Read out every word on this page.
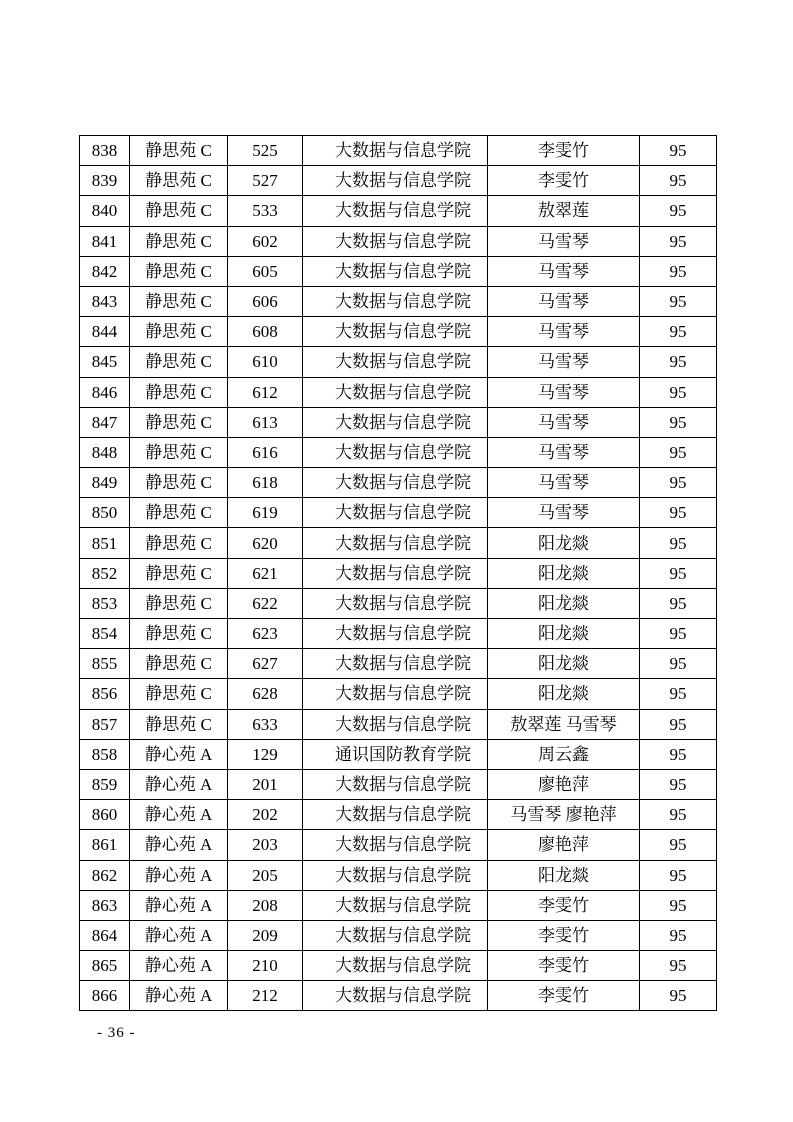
838	静思苑 C	525	大数据与信息学院	李雯竹	95
839	静思苑 C	527	大数据与信息学院	李雯竹	95
840	静思苑 C	533	大数据与信息学院	敖翠莲	95
841	静思苑 C	602	大数据与信息学院	马雪琴	95
842	静思苑 C	605	大数据与信息学院	马雪琴	95
843	静思苑 C	606	大数据与信息学院	马雪琴	95
844	静思苑 C	608	大数据与信息学院	马雪琴	95
845	静思苑 C	610	大数据与信息学院	马雪琴	95
846	静思苑 C	612	大数据与信息学院	马雪琴	95
847	静思苑 C	613	大数据与信息学院	马雪琴	95
848	静思苑 C	616	大数据与信息学院	马雪琴	95
849	静思苑 C	618	大数据与信息学院	马雪琴	95
850	静思苑 C	619	大数据与信息学院	马雪琴	95
851	静思苑 C	620	大数据与信息学院	阳龙燚	95
852	静思苑 C	621	大数据与信息学院	阳龙燚	95
853	静思苑 C	622	大数据与信息学院	阳龙燚	95
854	静思苑 C	623	大数据与信息学院	阳龙燚	95
855	静思苑 C	627	大数据与信息学院	阳龙燚	95
856	静思苑 C	628	大数据与信息学院	阳龙燚	95
857	静思苑 C	633	大数据与信息学院	敖翠莲 马雪琴	95
858	静心苑 A	129	通识国防教育学院	周云鑫	95
859	静心苑 A	201	大数据与信息学院	廖艳萍	95
860	静心苑 A	202	大数据与信息学院	马雪琴 廖艳萍	95
861	静心苑 A	203	大数据与信息学院	廖艳萍	95
862	静心苑 A	205	大数据与信息学院	阳龙燚	95
863	静心苑 A	208	大数据与信息学院	李雯竹	95
864	静心苑 A	209	大数据与信息学院	李雯竹	95
865	静心苑 A	210	大数据与信息学院	李雯竹	95
866	静心苑 A	212	大数据与信息学院	李雯竹	95
- 36 -
